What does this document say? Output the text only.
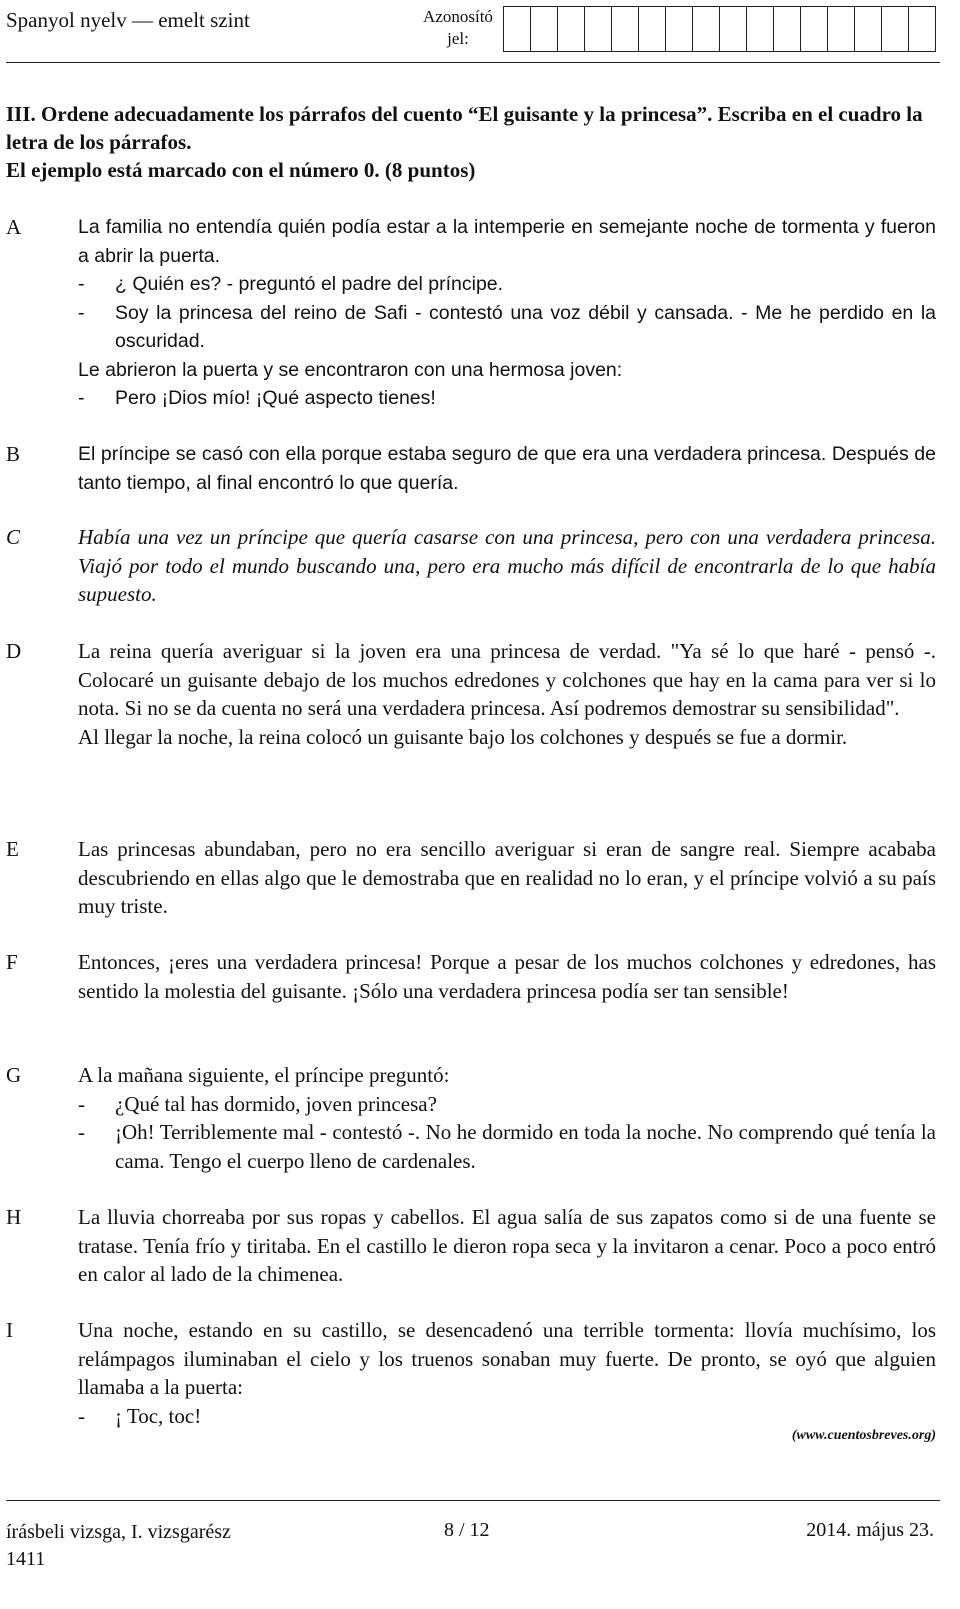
Spanyol nyelv — emelt szint	Azonosító
jel:
III. Ordene adecuadamente los párrafos del cuento “El guisante y la princesa”. Escriba en el cuadro la letra de los párrafos.
El ejemplo está marcado con el número 0. (8 puntos)
A	La familia no entendía quién podía estar a la intemperie en semejante noche de tormenta y fueron a abrir la puerta.
-	¿ Quién es? - preguntó el padre del príncipe.
-	Soy la princesa del reino de Safi - contestó una voz débil y cansada. - Me he perdido en la oscuridad.
Le abrieron la puerta y se encontraron con una hermosa joven:
-	Pero ¡Dios mío! ¡Qué aspecto tienes!
B	El príncipe se casó con ella porque estaba seguro de que era una verdadera princesa. Después de tanto tiempo, al final encontró lo que quería.
C	Había una vez un príncipe que quería casarse con una princesa, pero con una verdadera princesa. Viajó por todo el mundo buscando una, pero era mucho más difícil de encontrarla de lo que había supuesto.
D	La reina quería averiguar si la joven era una princesa de verdad. "Ya sé lo que haré - pensó -. Colocaré un guisante debajo de los muchos edredones y colchones que hay en la cama para ver si lo nota. Si no se da cuenta no será una verdadera princesa. Así podremos demostrar su sensibilidad".
Al llegar la noche, la reina colocó un guisante bajo los colchones y después se fue a dormir.
E	Las princesas abundaban, pero no era sencillo averiguar si eran de sangre real. Siempre acababa descubriendo en ellas algo que le demostraba que en realidad no lo eran, y el príncipe volvió a su país muy triste.
F	Entonces, ¡eres una verdadera princesa! Porque a pesar de los muchos colchones y edredones, has sentido la molestia del guisante. ¡Sólo una verdadera princesa podía ser tan sensible!
G	A la mañana siguiente, el príncipe preguntó:
-	¿Qué tal has dormido, joven princesa?
-	¡Oh! Terriblemente mal - contestó -. No he dormido en toda la noche. No comprendo qué tenía la cama. Tengo el cuerpo lleno de cardenales.
H	La lluvia chorreaba por sus ropas y cabellos. El agua salía de sus zapatos como si de una fuente se tratase. Tenía frío y tiritaba. En el castillo le dieron ropa seca y la invitaron a cenar. Poco a poco entró en calor al lado de la chimenea.
I	Una noche, estando en su castillo, se desencadenó una terrible tormenta: llovía muchísimo, los relámpagos iluminaban el cielo y los truenos sonaban muy fuerte. De pronto, se oyó que alguien llamaba a la puerta:
-	¡ Toc, toc!
(www.cuentosbreves.org)
írásbeli vizsga, I. vizsgarész
1411
8 / 12	2014. május 23.
